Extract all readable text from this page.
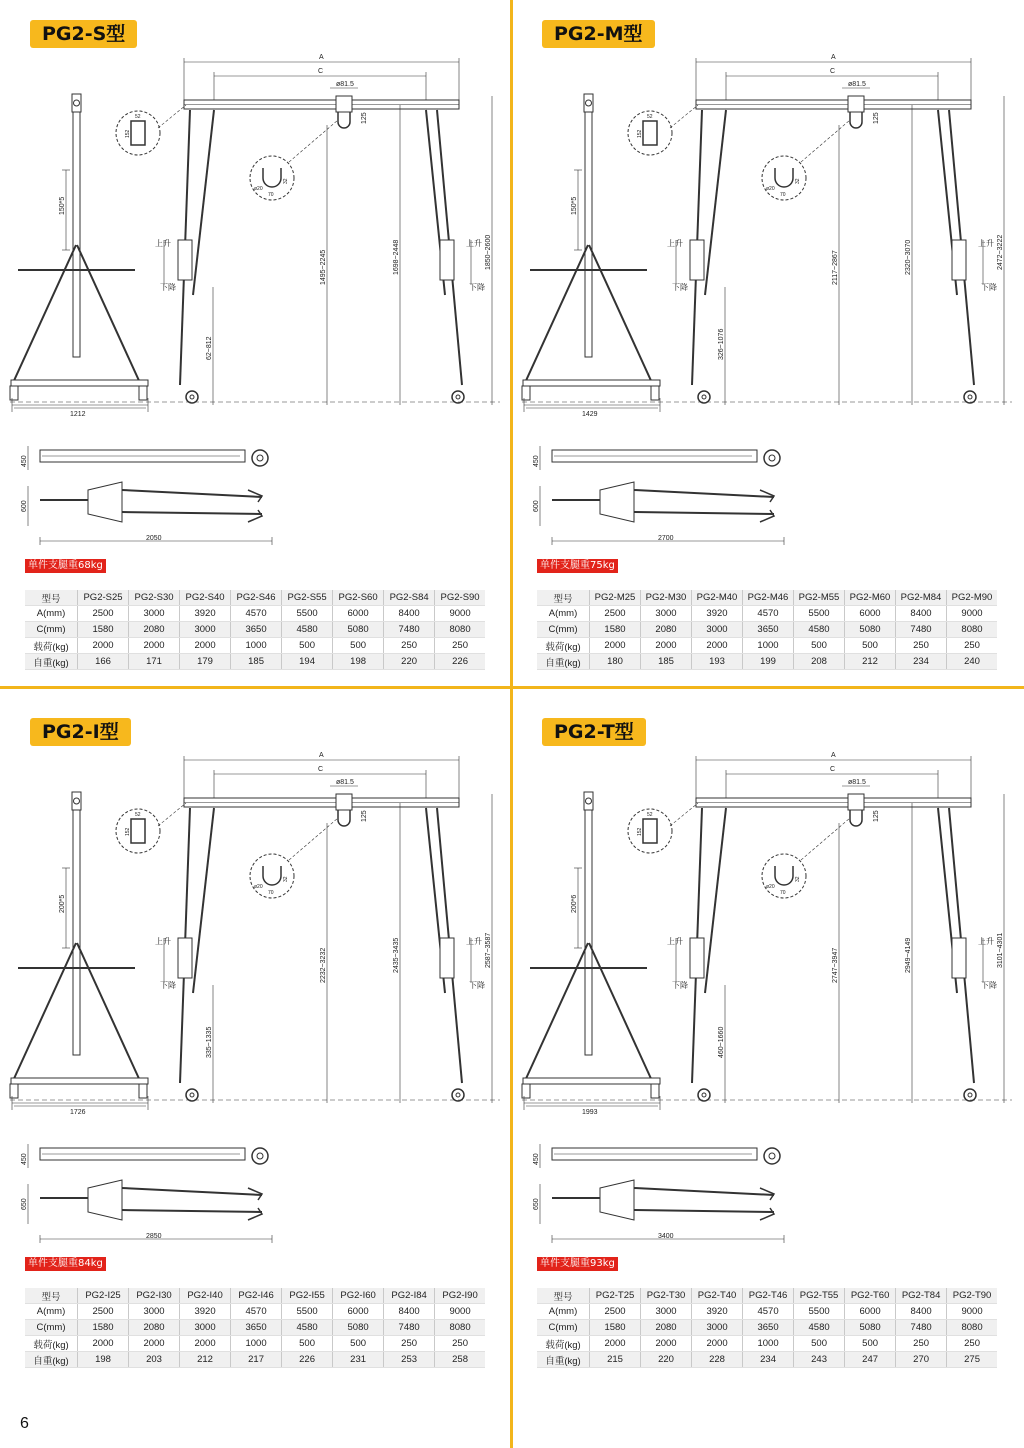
PG2-S型
A
C
ø81.5
125
52
152
ø20
32
70
上升
下降
上升
下降
150*5
1495~2245	1698~2448	1850~2600
62~812
1212
450
600
2050
单件支腿重68kg
型号	PG2-S25	PG2-S30	PG2-S40	PG2-S46	PG2-S55	PG2-S60	PG2-S84	PG2-S90
A(mm)	2500	3000	3920	4570	5500	6000	8400	9000
C(mm)	1580	2080	3000	3650	4580	5080	7480	8080
载荷(kg)	2000	2000	2000	1000	500	500	250	250
自重(kg)	166	171	179	185	194	198	220	226
PG2-M型
A
C
ø81.5
125
52
152
ø20
32
70
上升
下降
上升
下降
150*5
2117~2867	2320~3070	2472~3222
326~1076
1429
450
600
2700
单件支腿重75kg
型号	PG2-M25	PG2-M30	PG2-M40	PG2-M46	PG2-M55	PG2-M60	PG2-M84	PG2-M90
A(mm)	2500	3000	3920	4570	5500	6000	8400	9000
C(mm)	1580	2080	3000	3650	4580	5080	7480	8080
载荷(kg)	2000	2000	2000	1000	500	500	250	250
自重(kg)	180	185	193	199	208	212	234	240
PG2-I型
A
C
ø81.5
125
52
152
ø20
32
70
上升
下降
上升
下降
200*5
2232~3232	2435~3435	2587~3587
335~1335
1726
450
650
2850
单件支腿重84kg
型号	PG2-I25	PG2-I30	PG2-I40	PG2-I46	PG2-I55	PG2-I60	PG2-I84	PG2-I90
A(mm)	2500	3000	3920	4570	5500	6000	8400	9000
C(mm)	1580	2080	3000	3650	4580	5080	7480	8080
载荷(kg)	2000	2000	2000	1000	500	500	250	250
自重(kg)	198	203	212	217	226	231	253	258
PG2-T型
A
C
ø81.5
125
52
152
ø20
32
70
上升
下降
上升
下降
200*6
2747~3947	2949~4149	3101~4301
460~1660
1993
450
650
3400
单件支腿重93kg
型号	PG2-T25	PG2-T30	PG2-T40	PG2-T46	PG2-T55	PG2-T60	PG2-T84	PG2-T90
A(mm)	2500	3000	3920	4570	5500	6000	8400	9000
C(mm)	1580	2080	3000	3650	4580	5080	7480	8080
载荷(kg)	2000	2000	2000	1000	500	500	250	250
自重(kg)	215	220	228	234	243	247	270	275
6
